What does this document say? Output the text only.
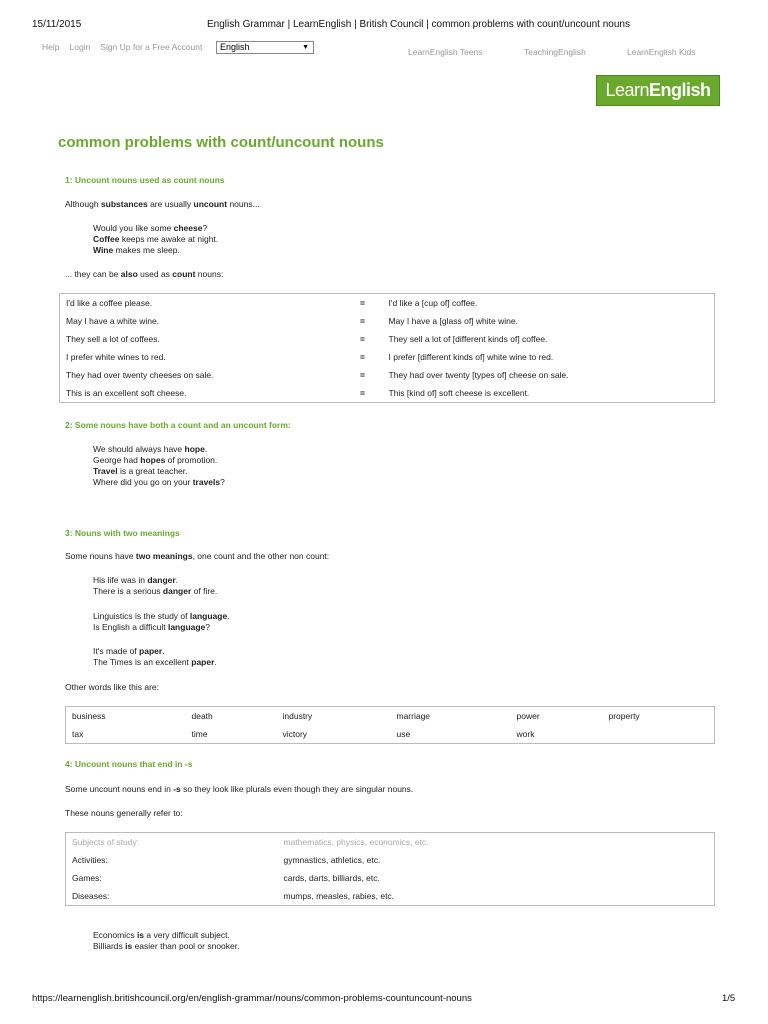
15/11/2015	English Grammar | LearnEnglish | British Council | common problems with count/uncount nouns
Help Login Sign Up for a Free Account	English	▼	LearnEnglish Teens	TeachingEnglish	LearnEnglish Kids
LearnEnglish
common problems with count/uncount nouns
1: Uncount nouns used as count nouns
Although substances are usually uncount nouns...
Would you like some cheese?
Coffee keeps me awake at night.
Wine makes me sleep.
... they can be also used as count nouns:
I'd like a coffee please.	=	I'd like a [cup of] coffee.
May I have a white wine.	=	May I have a [glass of] white wine.
They sell a lot of coffees.	=	They sell a lot of [different kinds of] coffee.
I prefer white wines to red.	=	I prefer [different kinds of] white wine to red.
They had over twenty cheeses on sale.	=	They had over twenty [types of] cheese on sale.
This is an excellent soft cheese.	=	This [kind of] soft cheese is excellent.
2: Some nouns have both a count and an uncount form:
We should always have hope.
George had hopes of promotion.
Travel is a great teacher.
Where did you go on your travels?
3: Nouns with two meanings
Some nouns have two meanings, one count and the other non count:
His life was in danger.
There is a serious danger of fire.
Linguistics is the study of language.
Is English a difficult language?
It's made of paper.
The Times is an excellent paper.
Other words like this are:
business	death	industry	marriage	power	property
tax	time	victory	use	work	
4: Uncount nouns that end in -s
Some uncount nouns end in -s so they look like plurals even though they are singular nouns.
These nouns generally refer to:
Subjects of study:	mathematics, physics, economics, etc.
Activities:	gymnastics, athletics, etc.
Games:	cards, darts, billiards, etc.
Diseases:	mumps, measles, rabies, etc.
Economics is a very difficult subject.
Billiards is easier than pool or snooker.
https://learnenglish.britishcouncil.org/en/english-grammar/nouns/common-problems-countuncount-nouns	1/5
